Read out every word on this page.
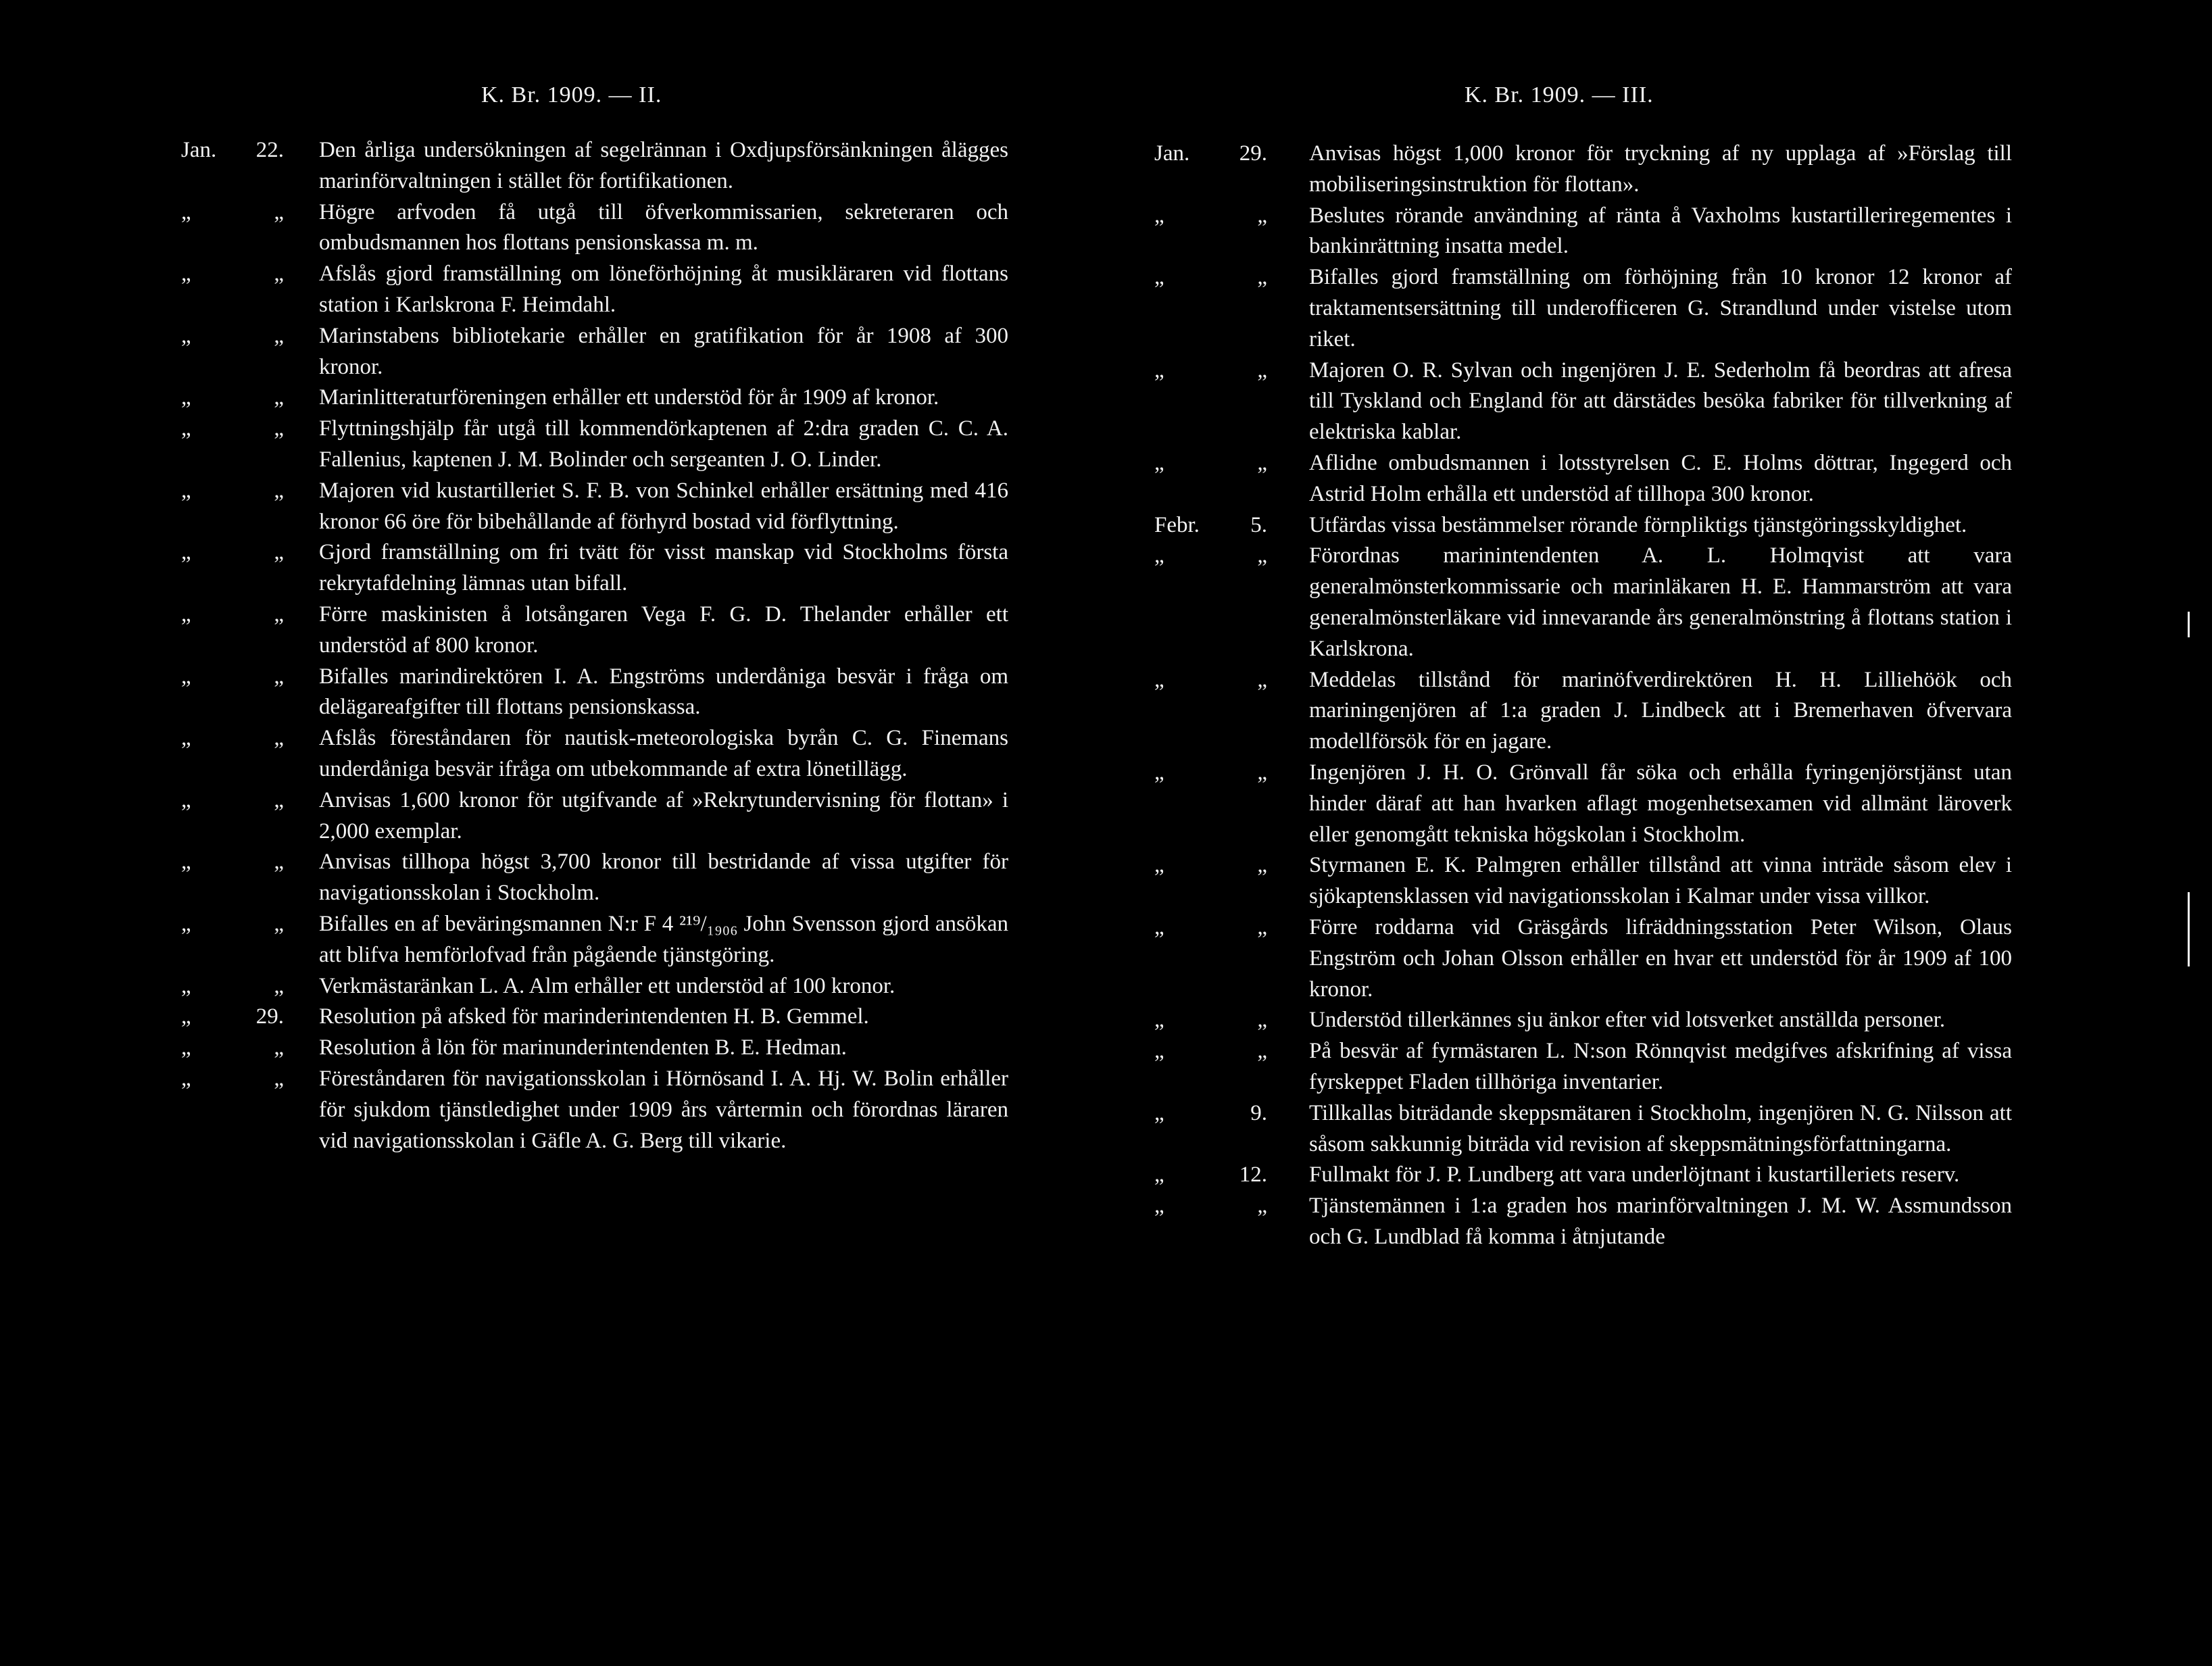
K. Br. 1909. — II.
Jan.	22. Den årliga undersökningen af segelrännan i Oxdjupsförsänkningen ålägges marinförvaltningen i stället för fortifikationen.
„	„ Högre arfvoden få utgå till öfverkommissarien, sekreteraren och ombudsmannen hos flottans pensionskassa m. m.
„	„ Afslås gjord framställning om löneförhöjning åt musikläraren vid flottans station i Karlskrona F. Heimdahl.
„	„ Marinstabens bibliotekarie erhåller en gratifikation för år 1908 af 300 kronor.
„	„ Marinlitteraturföreningen erhåller ett understöd för år 1909 af kronor.
„	„ Flyttningshjälp får utgå till kommendörkaptenen af 2:dra graden C. C. A. Fallenius, kaptenen J. M. Bolinder och sergeanten J. O. Linder.
„	„ Majoren vid kustartilleriet S. F. B. von Schinkel erhåller ersättning med 416 kronor 66 öre för bibehållande af förhyrd bostad vid förflyttning.
„	„ Gjord framställning om fri tvätt för visst manskap vid Stockholms första rekrytafdelning lämnas utan bifall.
„	„ Förre maskinisten å lotsångaren Vega F. G. D. Thelander erhåller ett understöd af 800 kronor.
„	„ Bifalles marindirektören I. A. Engströms underdåniga besvär i fråga om delägareafgifter till flottans pensionskassa.
„	„ Afslås föreståndaren för nautisk-meteorologiska byrån C. G. Finemans underdåniga besvär ifråga om utbekommande af extra lönetillägg.
„	„ Anvisas 1,600 kronor för utgifvande af »Rekrytundervisning för flottan» i 2,000 exemplar.
„	„ Anvisas tillhopa högst 3,700 kronor till bestridande af vissa utgifter för navigationsskolan i Stockholm.
„	„ Bifalles en af beväringsmannen N:r F 4 ²¹⁹/₁₉₀₆ John Svensson gjord ansökan att blifva hemförlofvad från pågående tjänstgöring.
„	„ Verkmästaränkan L. A. Alm erhåller ett understöd af 100 kronor.
„	29. Resolution på afsked för marinderintendenten H. B. Gemmel.
„	„ Resolution å lön för marinunderintendenten B. E. Hedman.
„	„ Föreståndaren för navigationsskolan i Hörnösand I. A. Hj. W. Bolin erhåller för sjukdom tjänstledighet under 1909 års vårtermin och förordnas läraren vid navigationsskolan i Gäfle A. G. Berg till vikarie.
K. Br. 1909. — III.
Jan.	29. Anvisas högst 1,000 kronor för tryckning af ny upplaga af »Förslag till mobiliseringsinstruktion för flottan».
„	„ Beslutes rörande användning af ränta å Vaxholms kustartilleriregementes i bankinrättning insatta medel.
„	„ Bifalles gjord framställning om förhöjning från 10 kronor 12 kronor af traktamentsersättning till underofficeren G. Strandlund under vistelse utom riket.
„	„ Majoren O. R. Sylvan och ingenjören J. E. Sederholm få beordras att afresa till Tyskland och England för att därstädes besöka fabriker för tillverkning af elektriska kablar.
„	„ Aflidne ombudsmannen i lotsstyrelsen C. E. Holms döttrar, Ingegerd och Astrid Holm erhålla ett understöd af tillhopa 300 kronor.
Febr.	5. Utfärdas vissa bestämmelser rörande förnpliktigs tjänstgöringsskyldighet.
„	„ Förordnas marinintendenten A. L. Holmqvist att vara generalmönsterkommissarie och marinläkaren H. E. Hammarström att vara generalmönsterläkare vid innevarande års generalmönstring å flottans station i Karlskrona.
„	„ Meddelas tillstånd för marinöfverdirektören H. H. Lilliehöök och mariningenjören af 1:a graden J. Lindbeck att i Bremerhaven öfvervara modellförsök för en jagare.
„	„ Ingenjören J. H. O. Grönvall får söka och erhålla fyringenjörstjänst utan hinder däraf att han hvarken aflagt mogenhetsexamen vid allmänt läroverk eller genomgått tekniska högskolan i Stockholm.
„	„ Styrmanen E. K. Palmgren erhåller tillstånd att vinna inträde såsom elev i sjökaptensklassen vid navigationsskolan i Kalmar under vissa villkor.
„	„ Förre roddarna vid Gräsgårds lifräddningsstation Peter Wilson, Olaus Engström och Johan Olsson erhåller en hvar ett understöd för år 1909 af 100 kronor.
„	„ Understöd tillerkännes sju änkor efter vid lotsverket anställda personer.
„	„ På besvär af fyrmästaren L. N:son Rönnqvist medgifves afskrifning af vissa fyrskeppet Fladen tillhöriga inventarier.
„	9. Tillkallas biträdande skeppsmätaren i Stockholm, ingenjören N. G. Nilsson att såsom sakkunnig biträda vid revision af skeppsmätningsförfattningarna.
„	12. Fullmakt för J. P. Lundberg att vara underlöjtnant i kustartilleriets reserv.
„	„ Tjänstemännen i 1:a graden hos marinförvaltningen J. M. W. Assmundsson och G. Lundblad få komma i åtnjutande
